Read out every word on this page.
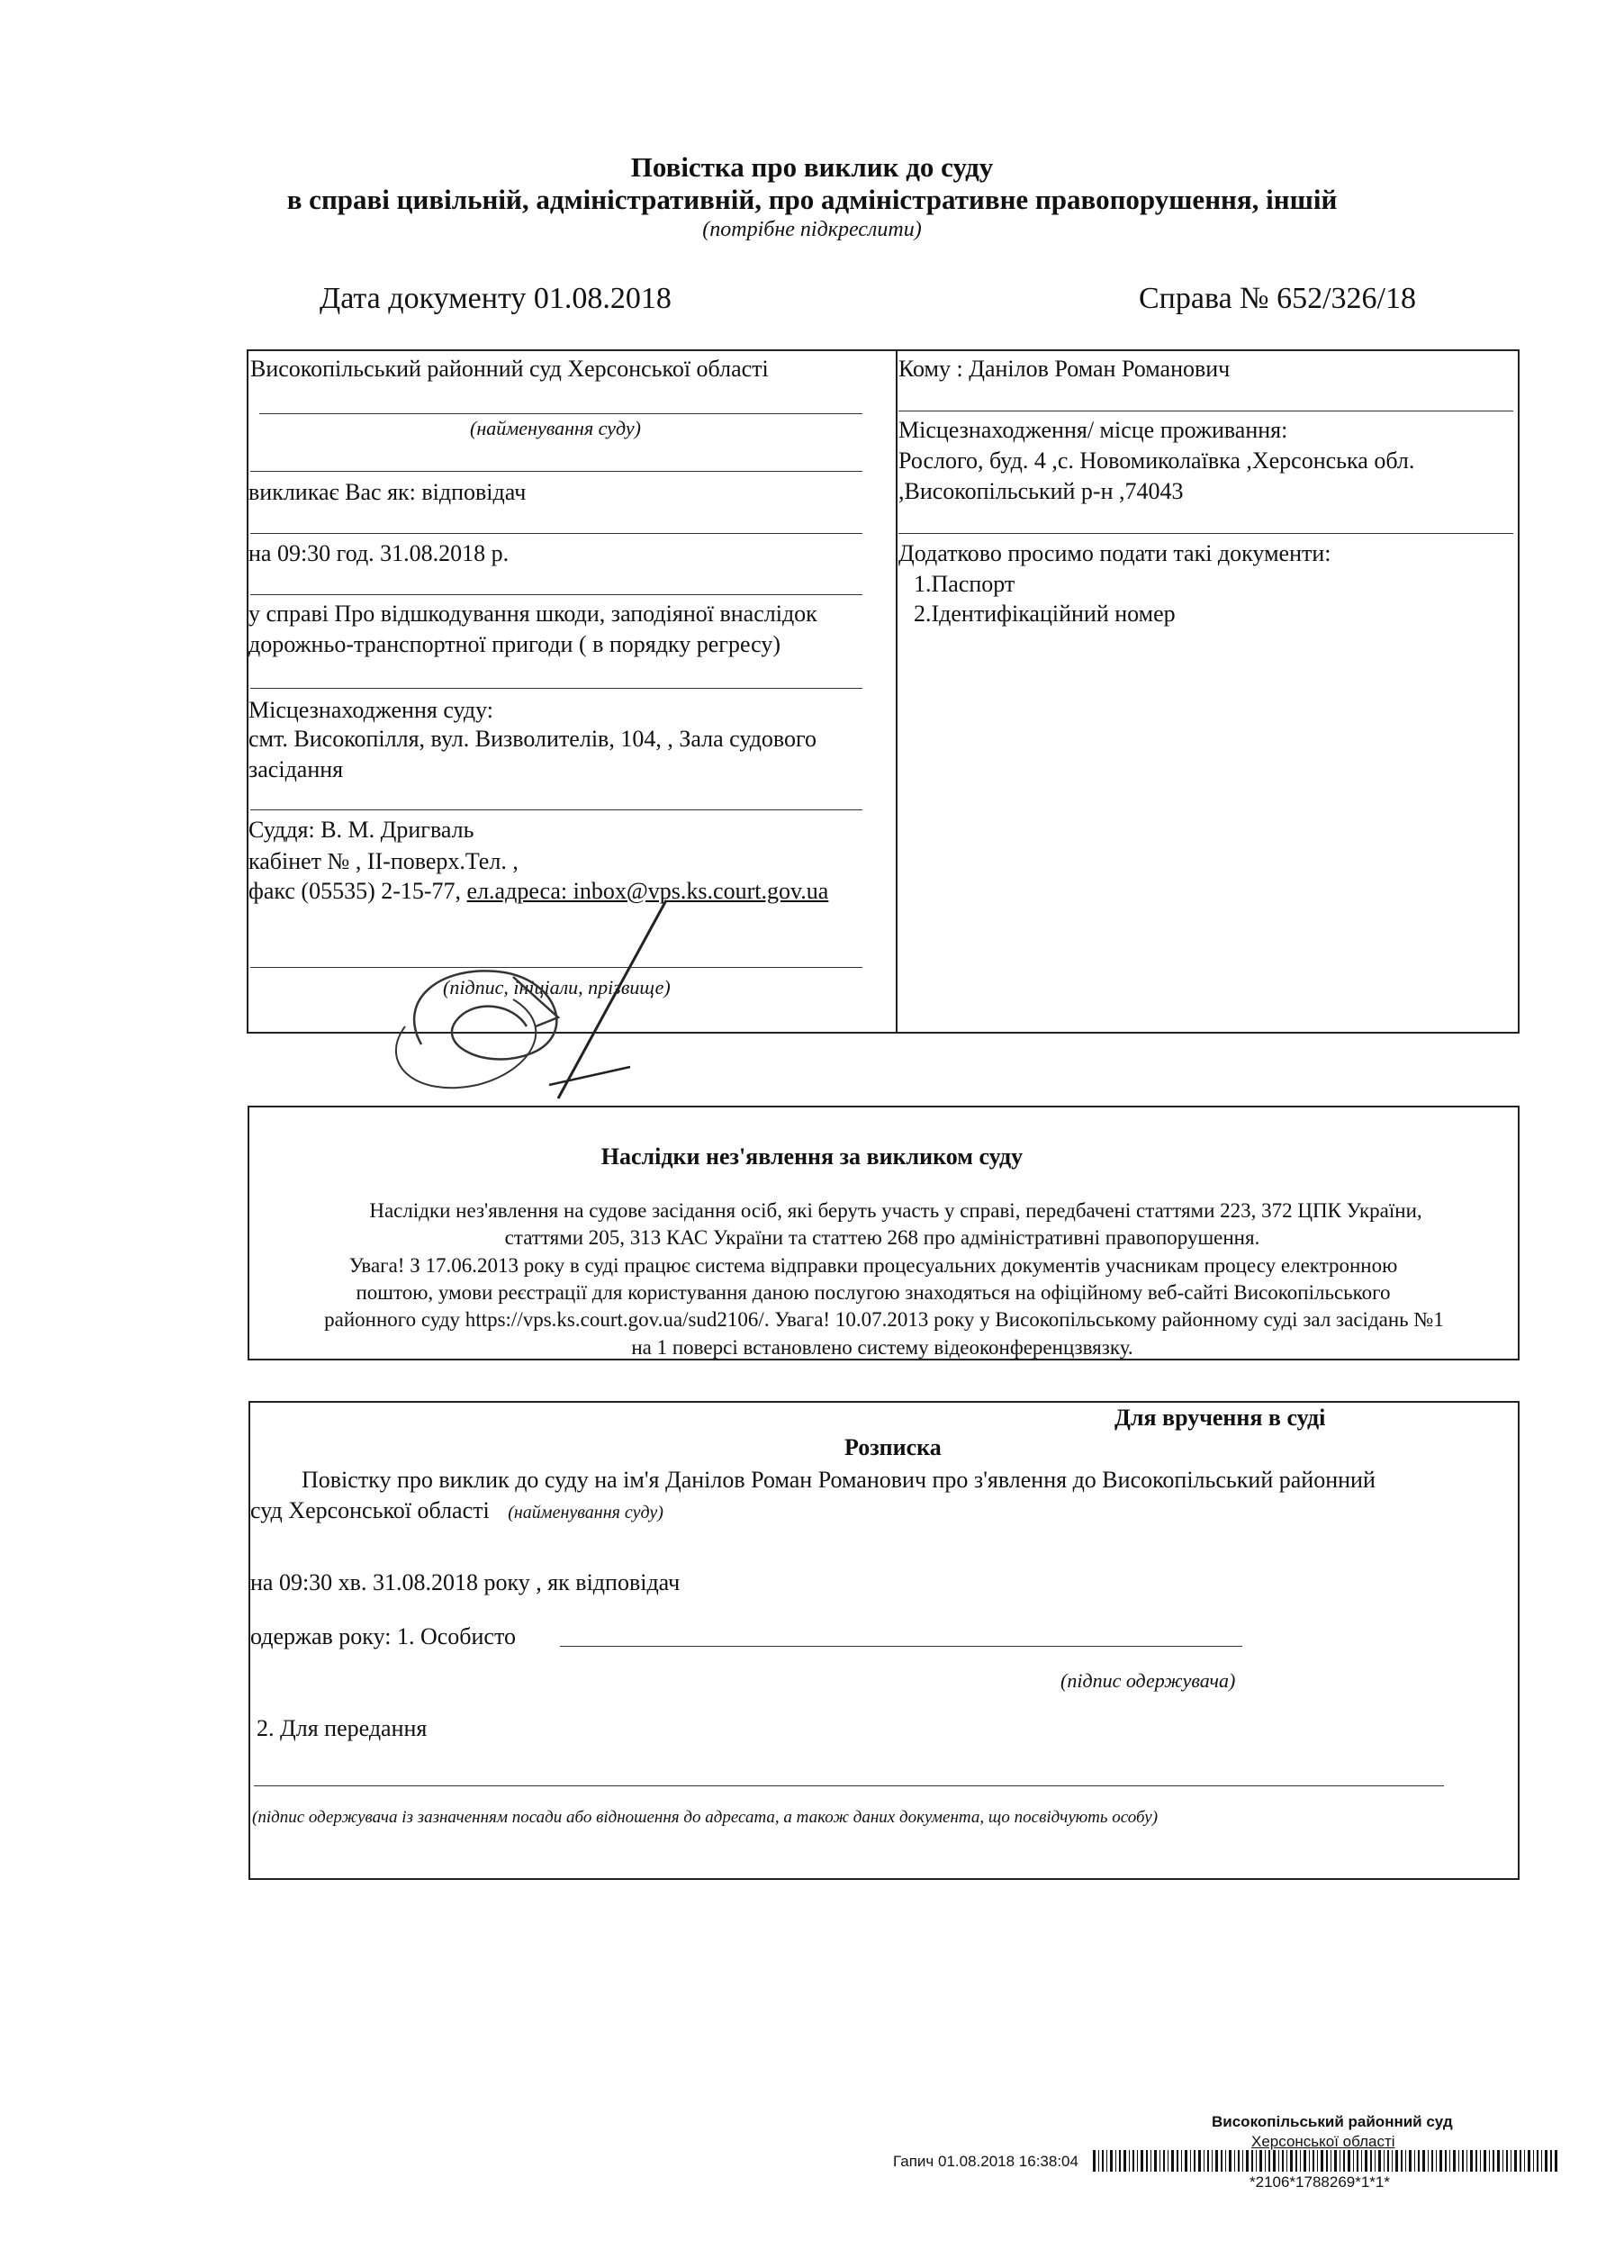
Повістка про виклик до суду
в справі цивільній, адміністративній, про адміністративне правопорушення, іншій
(потрібне підкреслити)
Дата документу 01.08.2018	Справа № 652/326/18
Високопільський районний суд Херсонської області
(найменування суду)
викликає Вас як: відповідач
на 09:30 год. 31.08.2018 р.
у справі Про відшкодування шкоди, заподіяної внаслідок
дорожньо-транспортної пригоди ( в порядку регресу)
Місцезнаходження суду:
смт. Високопілля, вул. Визволителів, 104, , Зала судового
засідання
Суддя: В. М. Дригваль
кабінет № , ІІ-поверх.Тел. ,
факс (05535) 2-15-77, ел.адреса: inbox@vps.ks.court.gov.ua
(підпис, ініціали, прізвище)
Кому : Данілов Роман Романович
Місцезнаходження/ місце проживання:
Рослого, буд. 4 ,с. Новомиколаївка ,Херсонська обл.
,Високопільський р-н ,74043
Додатково просимо подати такі документи:
1.Паспорт
2.Ідентифікаційний номер
Наслідки нез'явлення за викликом суду
Наслідки нез'явлення на судове засідання осіб, які беруть участь у справі, передбачені статтями 223, 372 ЦПК України,
статтями 205, 313 КАС України та статтею 268 про адміністративні правопорушення.
Увага! З 17.06.2013 року в суді працює система відправки процесуальних документів учасникам процесу електронною
поштою, умови реєстрації для користування даною послугою знаходяться на офіційному веб-сайті Високопільського
районного суду https://vps.ks.court.gov.ua/sud2106/. Увага! 10.07.2013 року у Високопільському районному суді зал засідань №1
на 1 поверсі встановлено систему відеоконференцзвязку.
Для вручення в суді
Розписка
Повістку про виклик до суду на ім'я Данілов Роман Романович про з'явлення до Високопільський районний
суд Херсонської області (найменування суду)
на 09:30 хв. 31.08.2018 року , як відповідач
одержав року: 1. Особисто
(підпис одержувача)
2. Для передання
(підпис одержувача із зазначенням посади або відношення до адресата, а також даних документа, що посвідчують особу)
Високопільський районний суд
Херсонської області
Гапич 01.08.2018 16:38:04
*2106*1788269*1*1*
